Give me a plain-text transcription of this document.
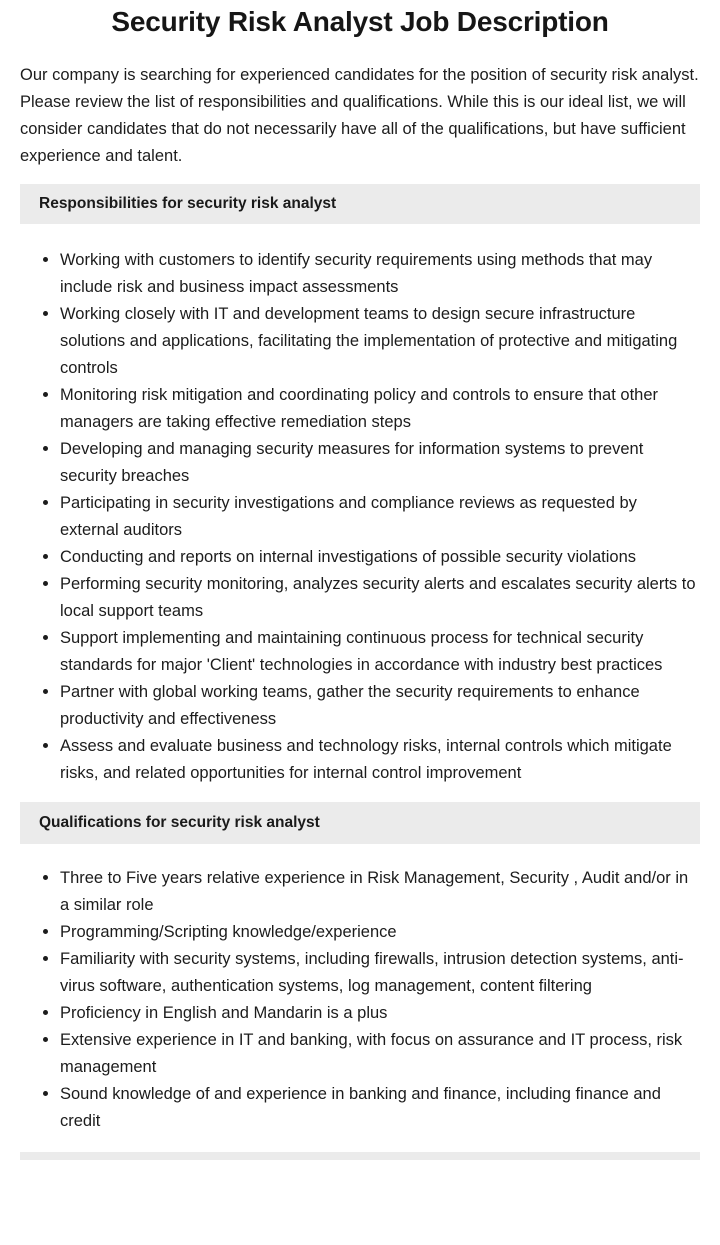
Security Risk Analyst Job Description

Our company is searching for experienced candidates for the position of security risk analyst. Please review the list of responsibilities and qualifications. While this is our ideal list, we will consider candidates that do not necessarily have all of the qualifications, but have sufficient experience and talent.

Responsibilities for security risk analyst
Working with customers to identify security requirements using methods that may include risk and business impact assessments
Working closely with IT and development teams to design secure infrastructure solutions and applications, facilitating the implementation of protective and mitigating controls
Monitoring risk mitigation and coordinating policy and controls to ensure that other managers are taking effective remediation steps
Developing and managing security measures for information systems to prevent security breaches
Participating in security investigations and compliance reviews as requested by external auditors
Conducting and reports on internal investigations of possible security violations
Performing security monitoring, analyzes security alerts and escalates security alerts to local support teams
Support implementing and maintaining continuous process for technical security standards for major 'Client' technologies in accordance with industry best practices
Partner with global working teams, gather the security requirements to enhance productivity and effectiveness
Assess and evaluate business and technology risks, internal controls which mitigate risks, and related opportunities for internal control improvement
Qualifications for security risk analyst
Three to Five years relative experience in Risk Management, Security , Audit and/or in a similar role
Programming/Scripting knowledge/experience
Familiarity with security systems, including firewalls, intrusion detection systems, anti-virus software, authentication systems, log management, content filtering
Proficiency in English and Mandarin is a plus
Extensive experience in IT and banking, with focus on assurance and IT process, risk management
Sound knowledge of and experience in banking and finance, including finance and credit
